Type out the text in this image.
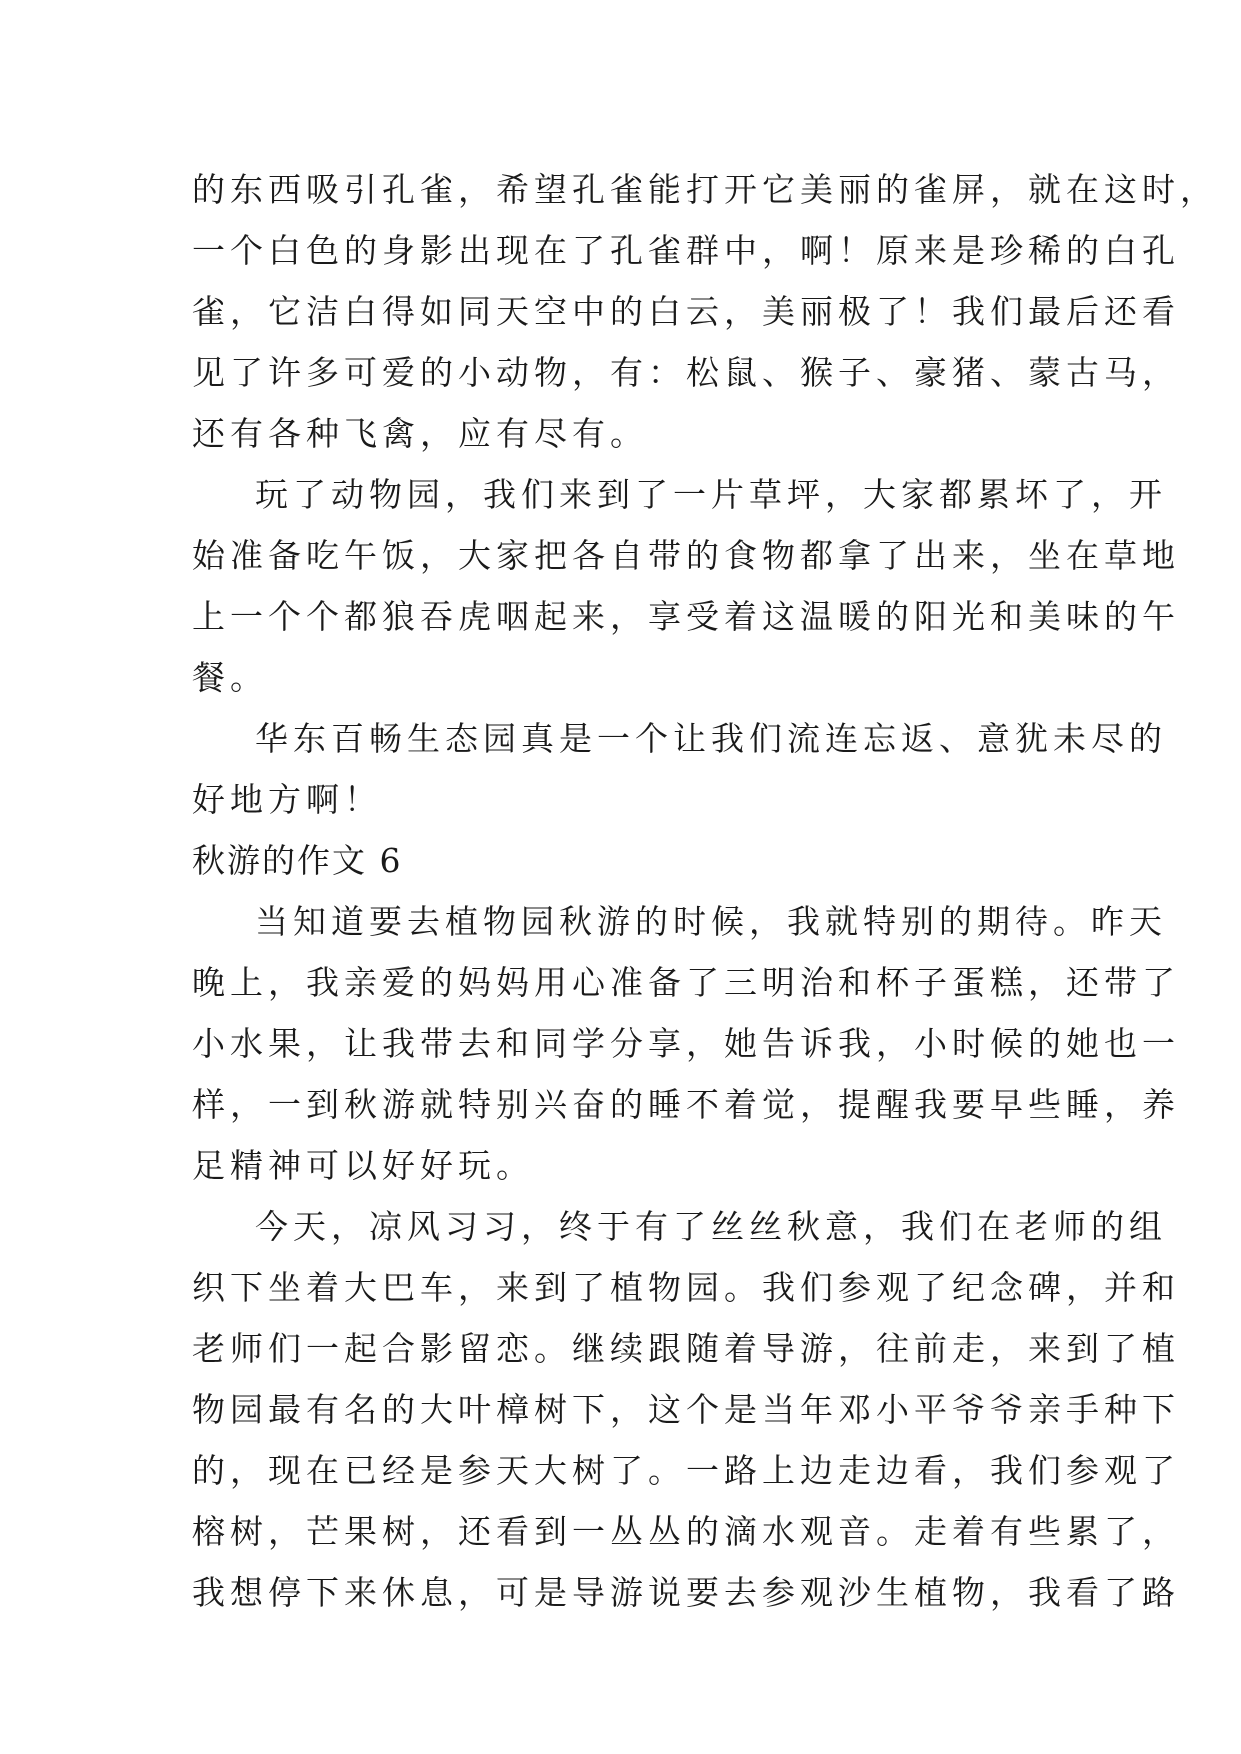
的东西吸引孔雀，希望孔雀能打开它美丽的雀屏，就在这时，
一个白色的身影出现在了孔雀群中，啊！原来是珍稀的白孔
雀，它洁白得如同天空中的白云，美丽极了！我们最后还看
见了许多可爱的小动物，有：松鼠、猴子、豪猪、蒙古马，
还有各种飞禽，应有尽有。
玩了动物园，我们来到了一片草坪，大家都累坏了，开
始准备吃午饭，大家把各自带的食物都拿了出来，坐在草地
上一个个都狼吞虎咽起来，享受着这温暖的阳光和美味的午
餐。
华东百畅生态园真是一个让我们流连忘返、意犹未尽的
好地方啊！
秋游的作文 6
当知道要去植物园秋游的时候，我就特别的期待。昨天
晚上，我亲爱的妈妈用心准备了三明治和杯子蛋糕，还带了
小水果，让我带去和同学分享，她告诉我，小时候的她也一
样，一到秋游就特别兴奋的睡不着觉，提醒我要早些睡，养
足精神可以好好玩。
今天，凉风习习，终于有了丝丝秋意，我们在老师的组
织下坐着大巴车，来到了植物园。我们参观了纪念碑，并和
老师们一起合影留恋。继续跟随着导游，往前走，来到了植
物园最有名的大叶樟树下，这个是当年邓小平爷爷亲手种下
的，现在已经是参天大树了。一路上边走边看，我们参观了
榕树，芒果树，还看到一丛丛的滴水观音。走着有些累了，
我想停下来休息，可是导游说要去参观沙生植物，我看了路
